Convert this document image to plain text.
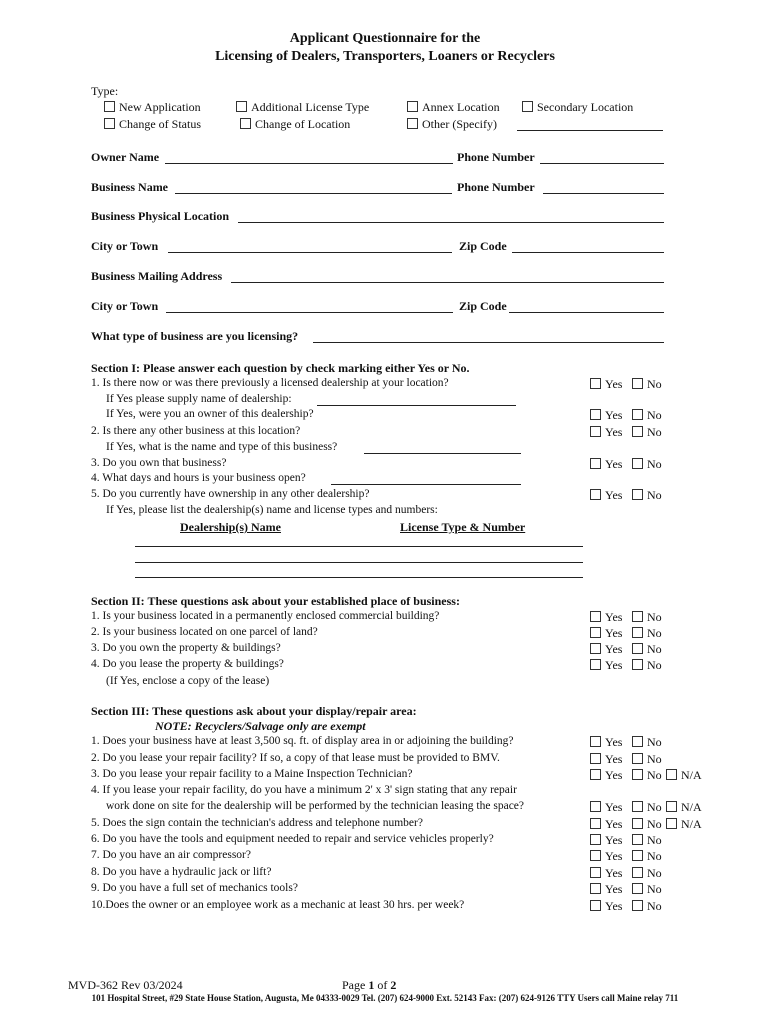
Applicant Questionnaire for the
Licensing of Dealers, Transporters, Loaners or Recyclers
Type:
New Application	Additional License Type	Annex Location	Secondary Location
Change of Status	Change of Location	Other (Specify)
Owner Name	Phone Number
Business Name	Phone Number
Business Physical Location
City or Town	Zip Code
Business Mailing Address
City or Town	Zip Code
What type of business are you licensing?
Section I: Please answer each question by check marking either Yes or No.
1. Is there now or was there previously a licensed dealership at your location?	Yes	No
If Yes please supply name of dealership:
If Yes, were you an owner of this dealership?	Yes	No
2. Is there any other business at this location?	Yes	No
If Yes, what is the name and type of this business?
3. Do you own that business?	Yes	No
4. What days and hours is your business open?
5. Do you currently have ownership in any other dealership?	Yes	No
If Yes, please list the dealership(s) name and license types and numbers:
Dealership(s) Name	License Type & Number
Section II: These questions ask about your established place of business:
1. Is your business located in a permanently enclosed commercial building?	Yes	No
2. Is your business located on one parcel of land?	Yes	No
3. Do you own the property & buildings?	Yes	No
4. Do you lease the property & buildings?	Yes	No
(If Yes, enclose a copy of the lease)
Section III: These questions ask about your display/repair area:
NOTE: Recyclers/Salvage only are exempt
1. Does your business have at least 3,500 sq. ft. of display area in or adjoining the building?	Yes	No
2. Do you lease your repair facility? If so, a copy of that lease must be provided to BMV.	Yes	No
3. Do you lease your repair facility to a Maine Inspection Technician?	Yes	No	N/A
4. If you lease your repair facility, do you have a minimum 2' x 3' sign stating that any repair
work done on site for the dealership will be performed by the technician leasing the space?	Yes	No	N/A
5. Does the sign contain the technician's address and telephone number?	Yes	No	N/A
6. Do you have the tools and equipment needed to repair and service vehicles properly?	Yes	No
7. Do you have an air compressor?	Yes	No
8. Do you have a hydraulic jack or lift?	Yes	No
9. Do you have a full set of mechanics tools?	Yes	No
10.Does the owner or an employee work as a mechanic at least 30 hrs. per week?	Yes	No
MVD-362 Rev 03/2024	Page 1 of 2
101 Hospital Street, #29 State House Station, Augusta, Me 04333-0029 Tel. (207) 624-9000 Ext. 52143 Fax: (207) 624-9126 TTY Users call Maine relay 711
